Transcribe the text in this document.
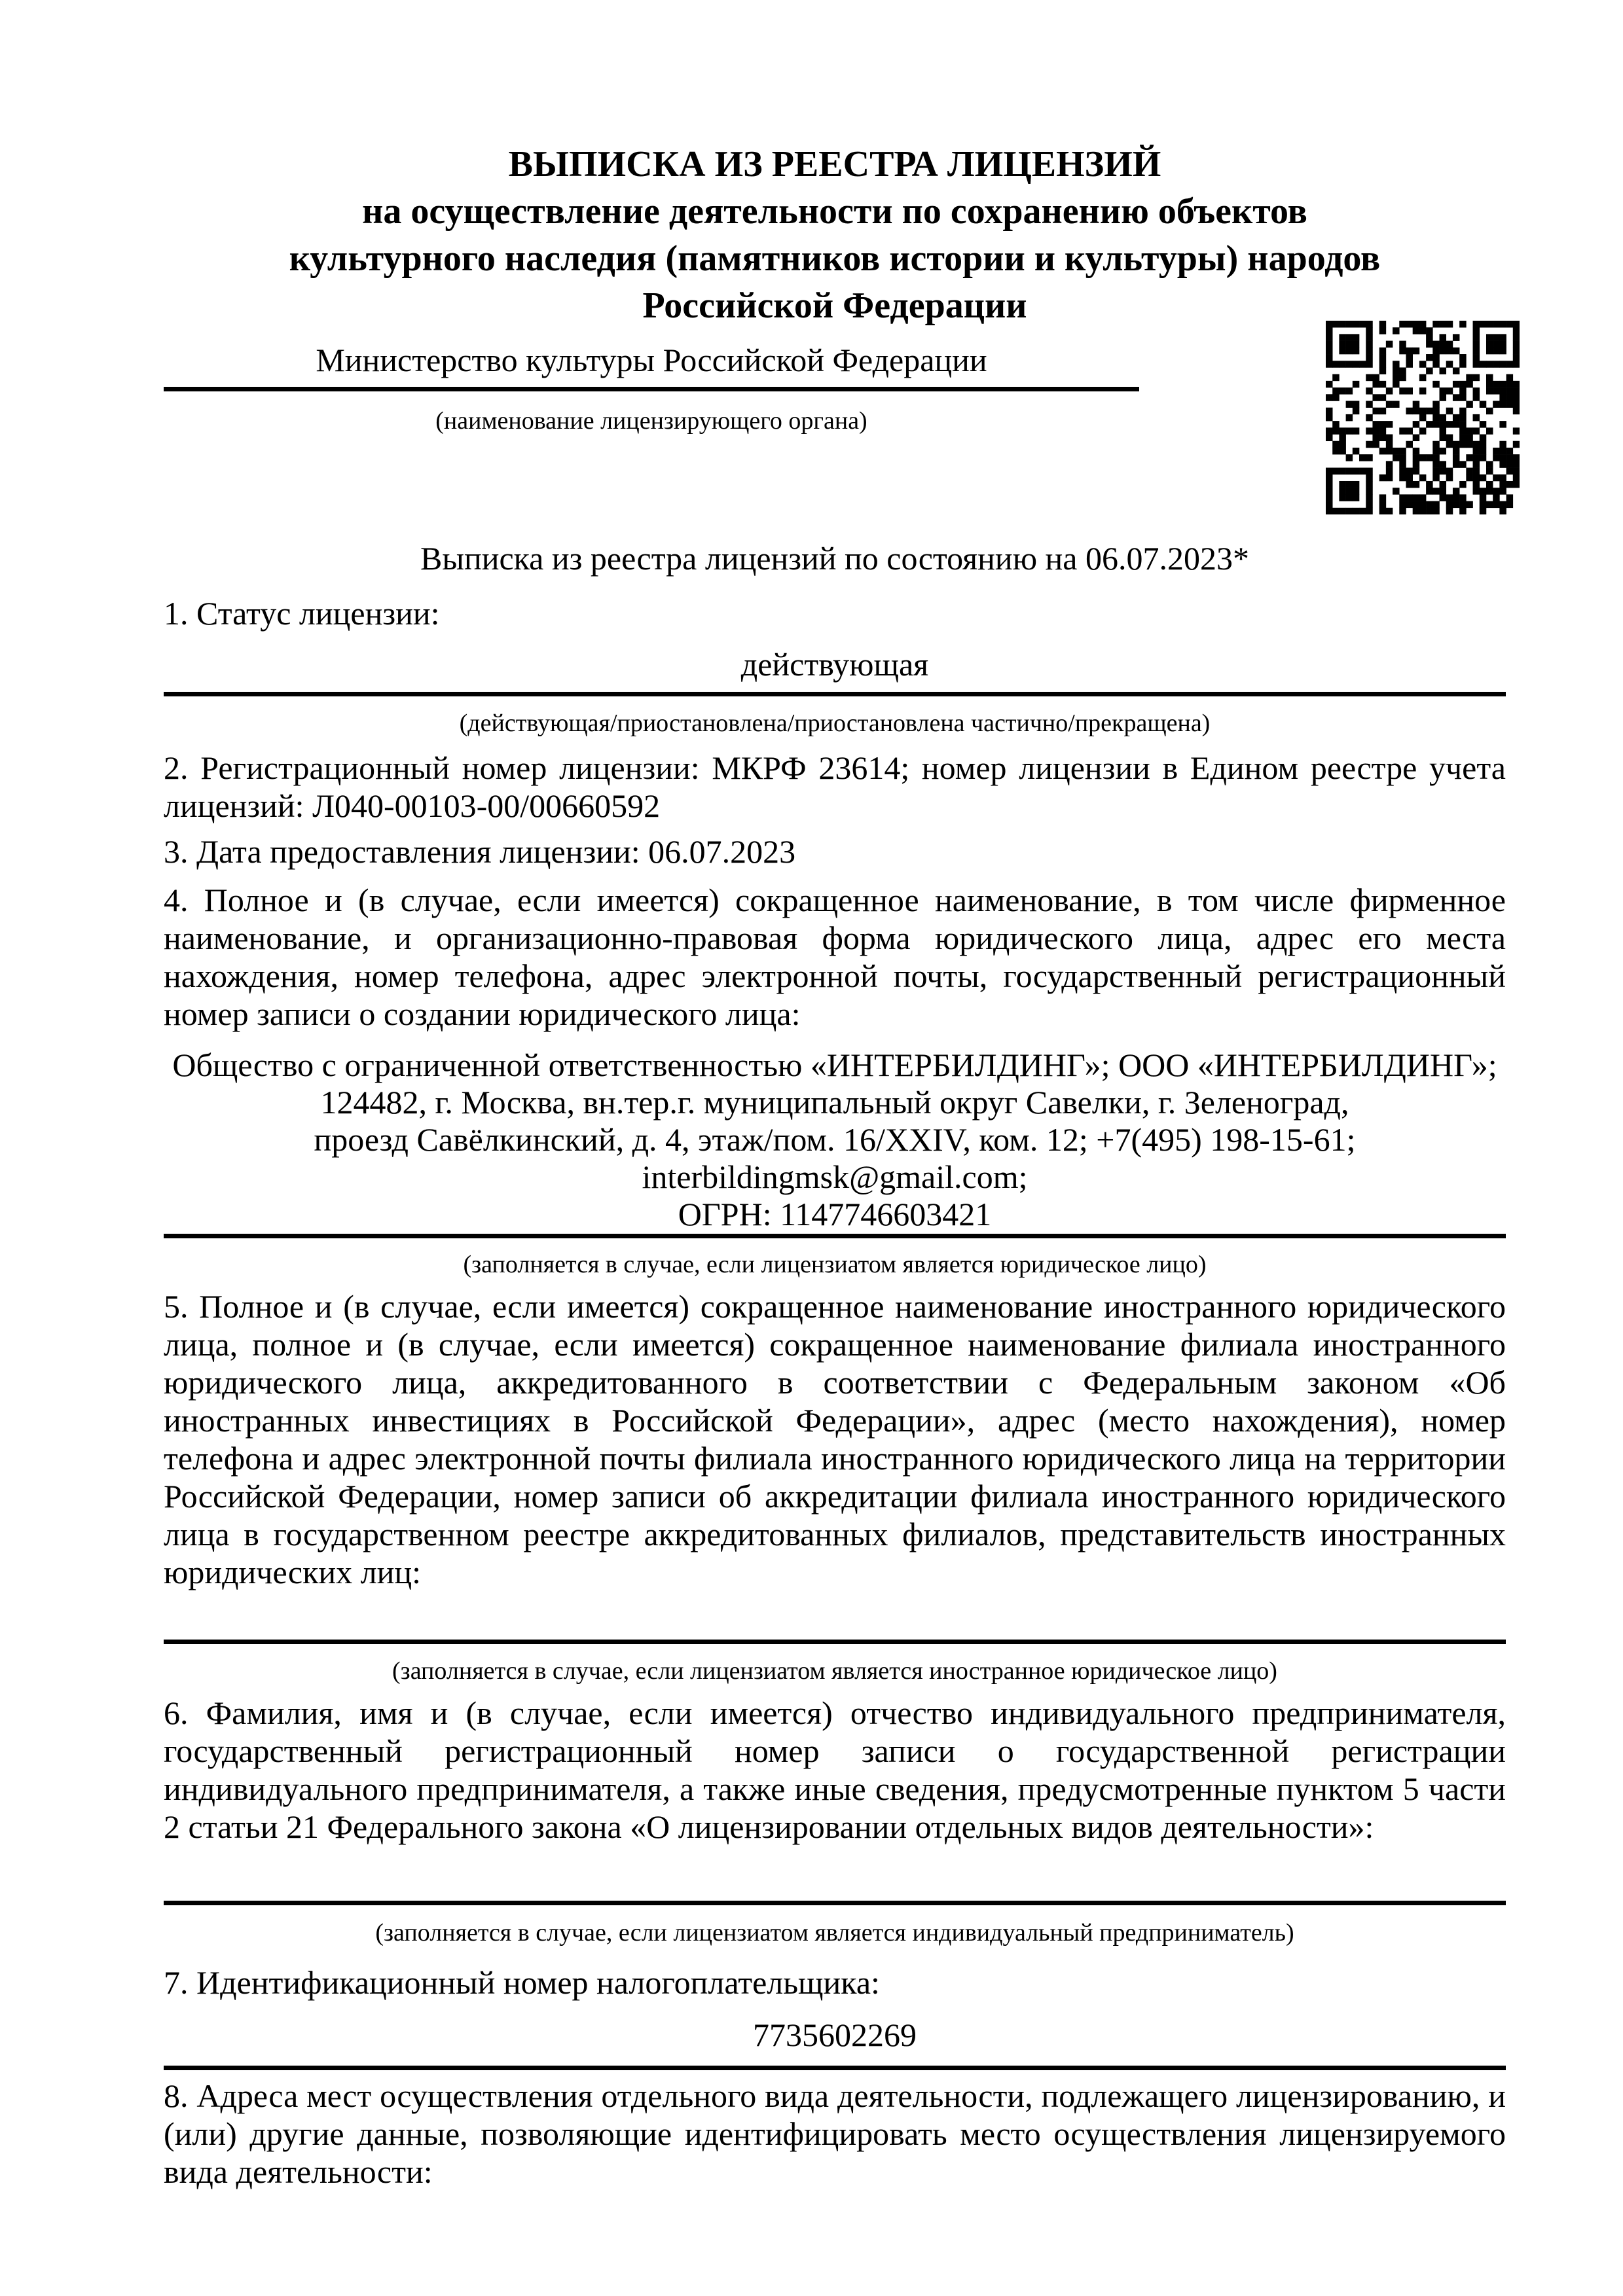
ВЫПИСКА ИЗ РЕЕСТРА ЛИЦЕНЗИЙ
на осуществление деятельности по сохранению объектов
культурного наследия (памятников истории и культуры) народов
Российской Федерации
Министерство культуры Российской Федерации
(наименование лицензирующего органа)
Выписка из реестра лицензий по состоянию на 06.07.2023*
1. Статус лицензии:
действующая
(действующая/приостановлена/приостановлена частично/прекращена)
2. Регистрационный номер лицензии: МКРФ 23614; номер лицензии в Едином реестре учета лицензий: Л040-00103-00/00660592
3. Дата предоставления лицензии: 06.07.2023
4. Полное и (в случае, если имеется) сокращенное наименование, в том числе фирменное наименование, и организационно-правовая форма юридического лица, адрес его места нахождения, номер телефона, адрес электронной почты, государственный регистрационный номер записи о создании юридического лица:
Общество с ограниченной ответственностью «ИНТЕРБИЛДИНГ»; ООО «ИНТЕРБИЛДИНГ»;
124482, г. Москва, вн.тер.г. муниципальный округ Савелки, г. Зеленоград,
проезд Савёлкинский, д. 4, этаж/пом. 16/XXIV, ком. 12; +7(495) 198-15-61;
interbildingmsk@gmail.com;
ОГРН: 1147746603421
(заполняется в случае, если лицензиатом является юридическое лицо)
5. Полное и (в случае, если имеется) сокращенное наименование иностранного юридического лица, полное и (в случае, если имеется) сокращенное наименование филиала иностранного юридического лица, аккредитованного в соответствии с Федеральным законом «Об иностранных инвестициях в Российской Федерации», адрес (место нахождения), номер телефона и адрес электронной почты филиала иностранного юридического лица на территории Российской Федерации, номер записи об аккредитации филиала иностранного юридического лица в государственном реестре аккредитованных филиалов, представительств иностранных юридических лиц:
(заполняется в случае, если лицензиатом является иностранное юридическое лицо)
6. Фамилия, имя и (в случае, если имеется) отчество индивидуального предпринимателя, государственный регистрационный номер записи о государственной регистрации индивидуального предпринимателя, а также иные сведения, предусмотренные пунктом 5 части 2 статьи 21 Федерального закона «О лицензировании отдельных видов деятельности»:
(заполняется в случае, если лицензиатом является индивидуальный предприниматель)
7. Идентификационный номер налогоплательщика:
7735602269
8. Адреса мест осуществления отдельного вида деятельности, подлежащего лицензированию, и (или) другие данные, позволяющие идентифицировать место осуществления лицензируемого вида деятельности:
